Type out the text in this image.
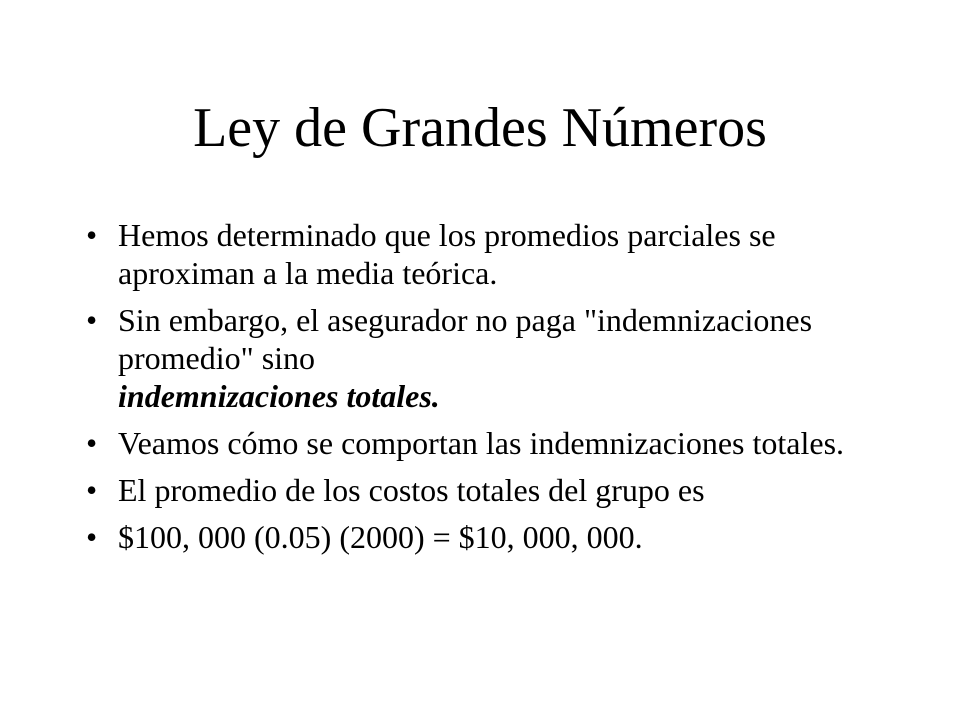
Ley de Grandes Números
• Hemos determinado que los promedios parciales se aproximan a la media teórica.
• Sin embargo, el asegurador no paga "indemnizaciones promedio" sino
indemnizaciones totales.
• Veamos cómo se comportan las indemnizaciones totales.
• El promedio de los costos totales del grupo es
• $100, 000 (0.05) (2000) = $10, 000, 000.
